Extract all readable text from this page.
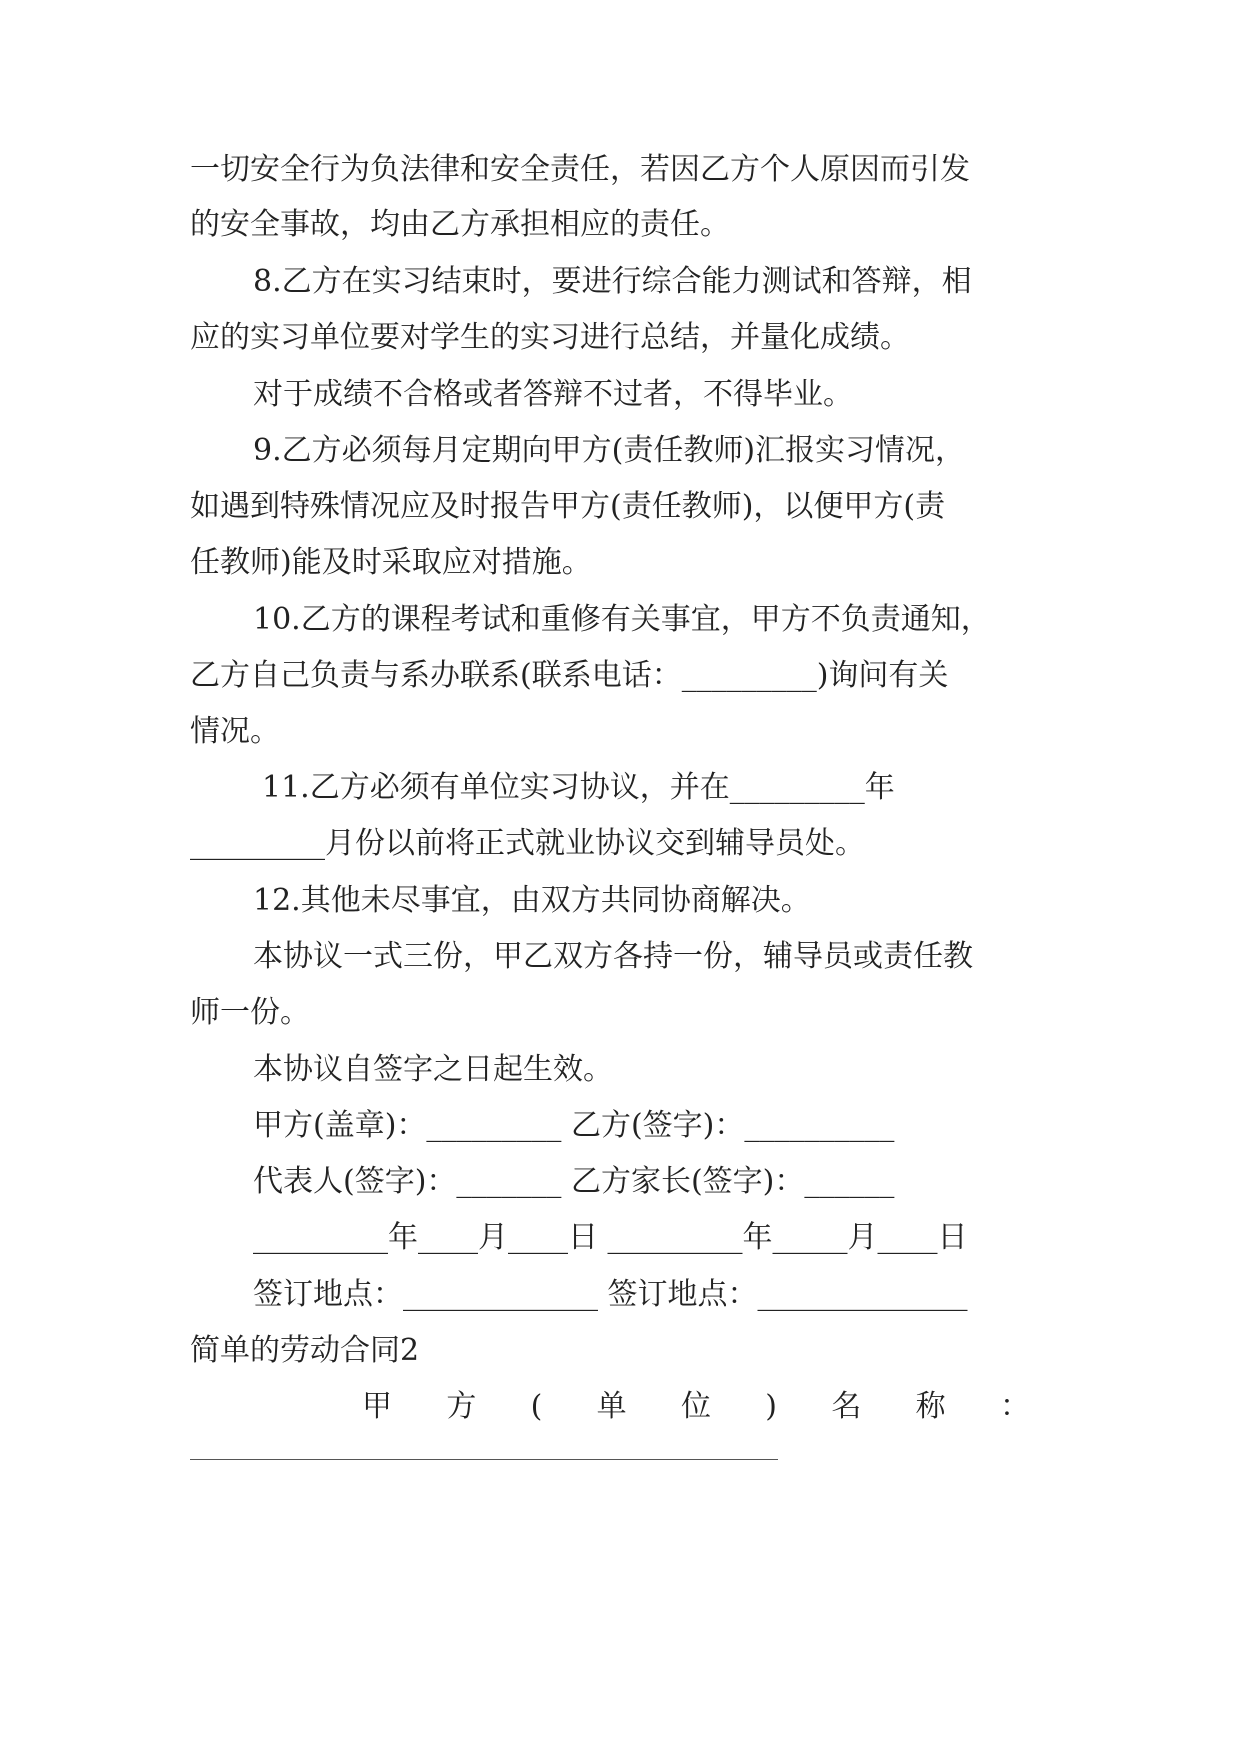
一切安全行为负法律和安全责任，若因乙方个人原因而引发
的安全事故，均由乙方承担相应的责任。
8.乙方在实习结束时，要进行综合能力测试和答辩，相
应的实习单位要对学生的实习进行总结，并量化成绩。
对于成绩不合格或者答辩不过者，不得毕业。
9.乙方必须每月定期向甲方(责任教师)汇报实习情况，
如遇到特殊情况应及时报告甲方(责任教师)，以便甲方(责
任教师)能及时采取应对措施。
10.乙方的课程考试和重修有关事宜，甲方不负责通知，
乙方自己负责与系办联系(联系电话：_________)询问有关
情况。
11.乙方必须有单位实习协议，并在_________年
_________月份以前将正式就业协议交到辅导员处。
12.其他未尽事宜，由双方共同协商解决。
本协议一式三份，甲乙双方各持一份，辅导员或责任教
师一份。
本协议自签字之日起生效。
甲方(盖章)：_________ 乙方(签字)：__________
代表人(签字)：_______ 乙方家长(签字)：______
_________年____月____日 _________年_____月____日
签订地点：_____________ 签订地点：______________
简单的劳动合同2
甲 方 ( 单 位 ) 名 称 ：
